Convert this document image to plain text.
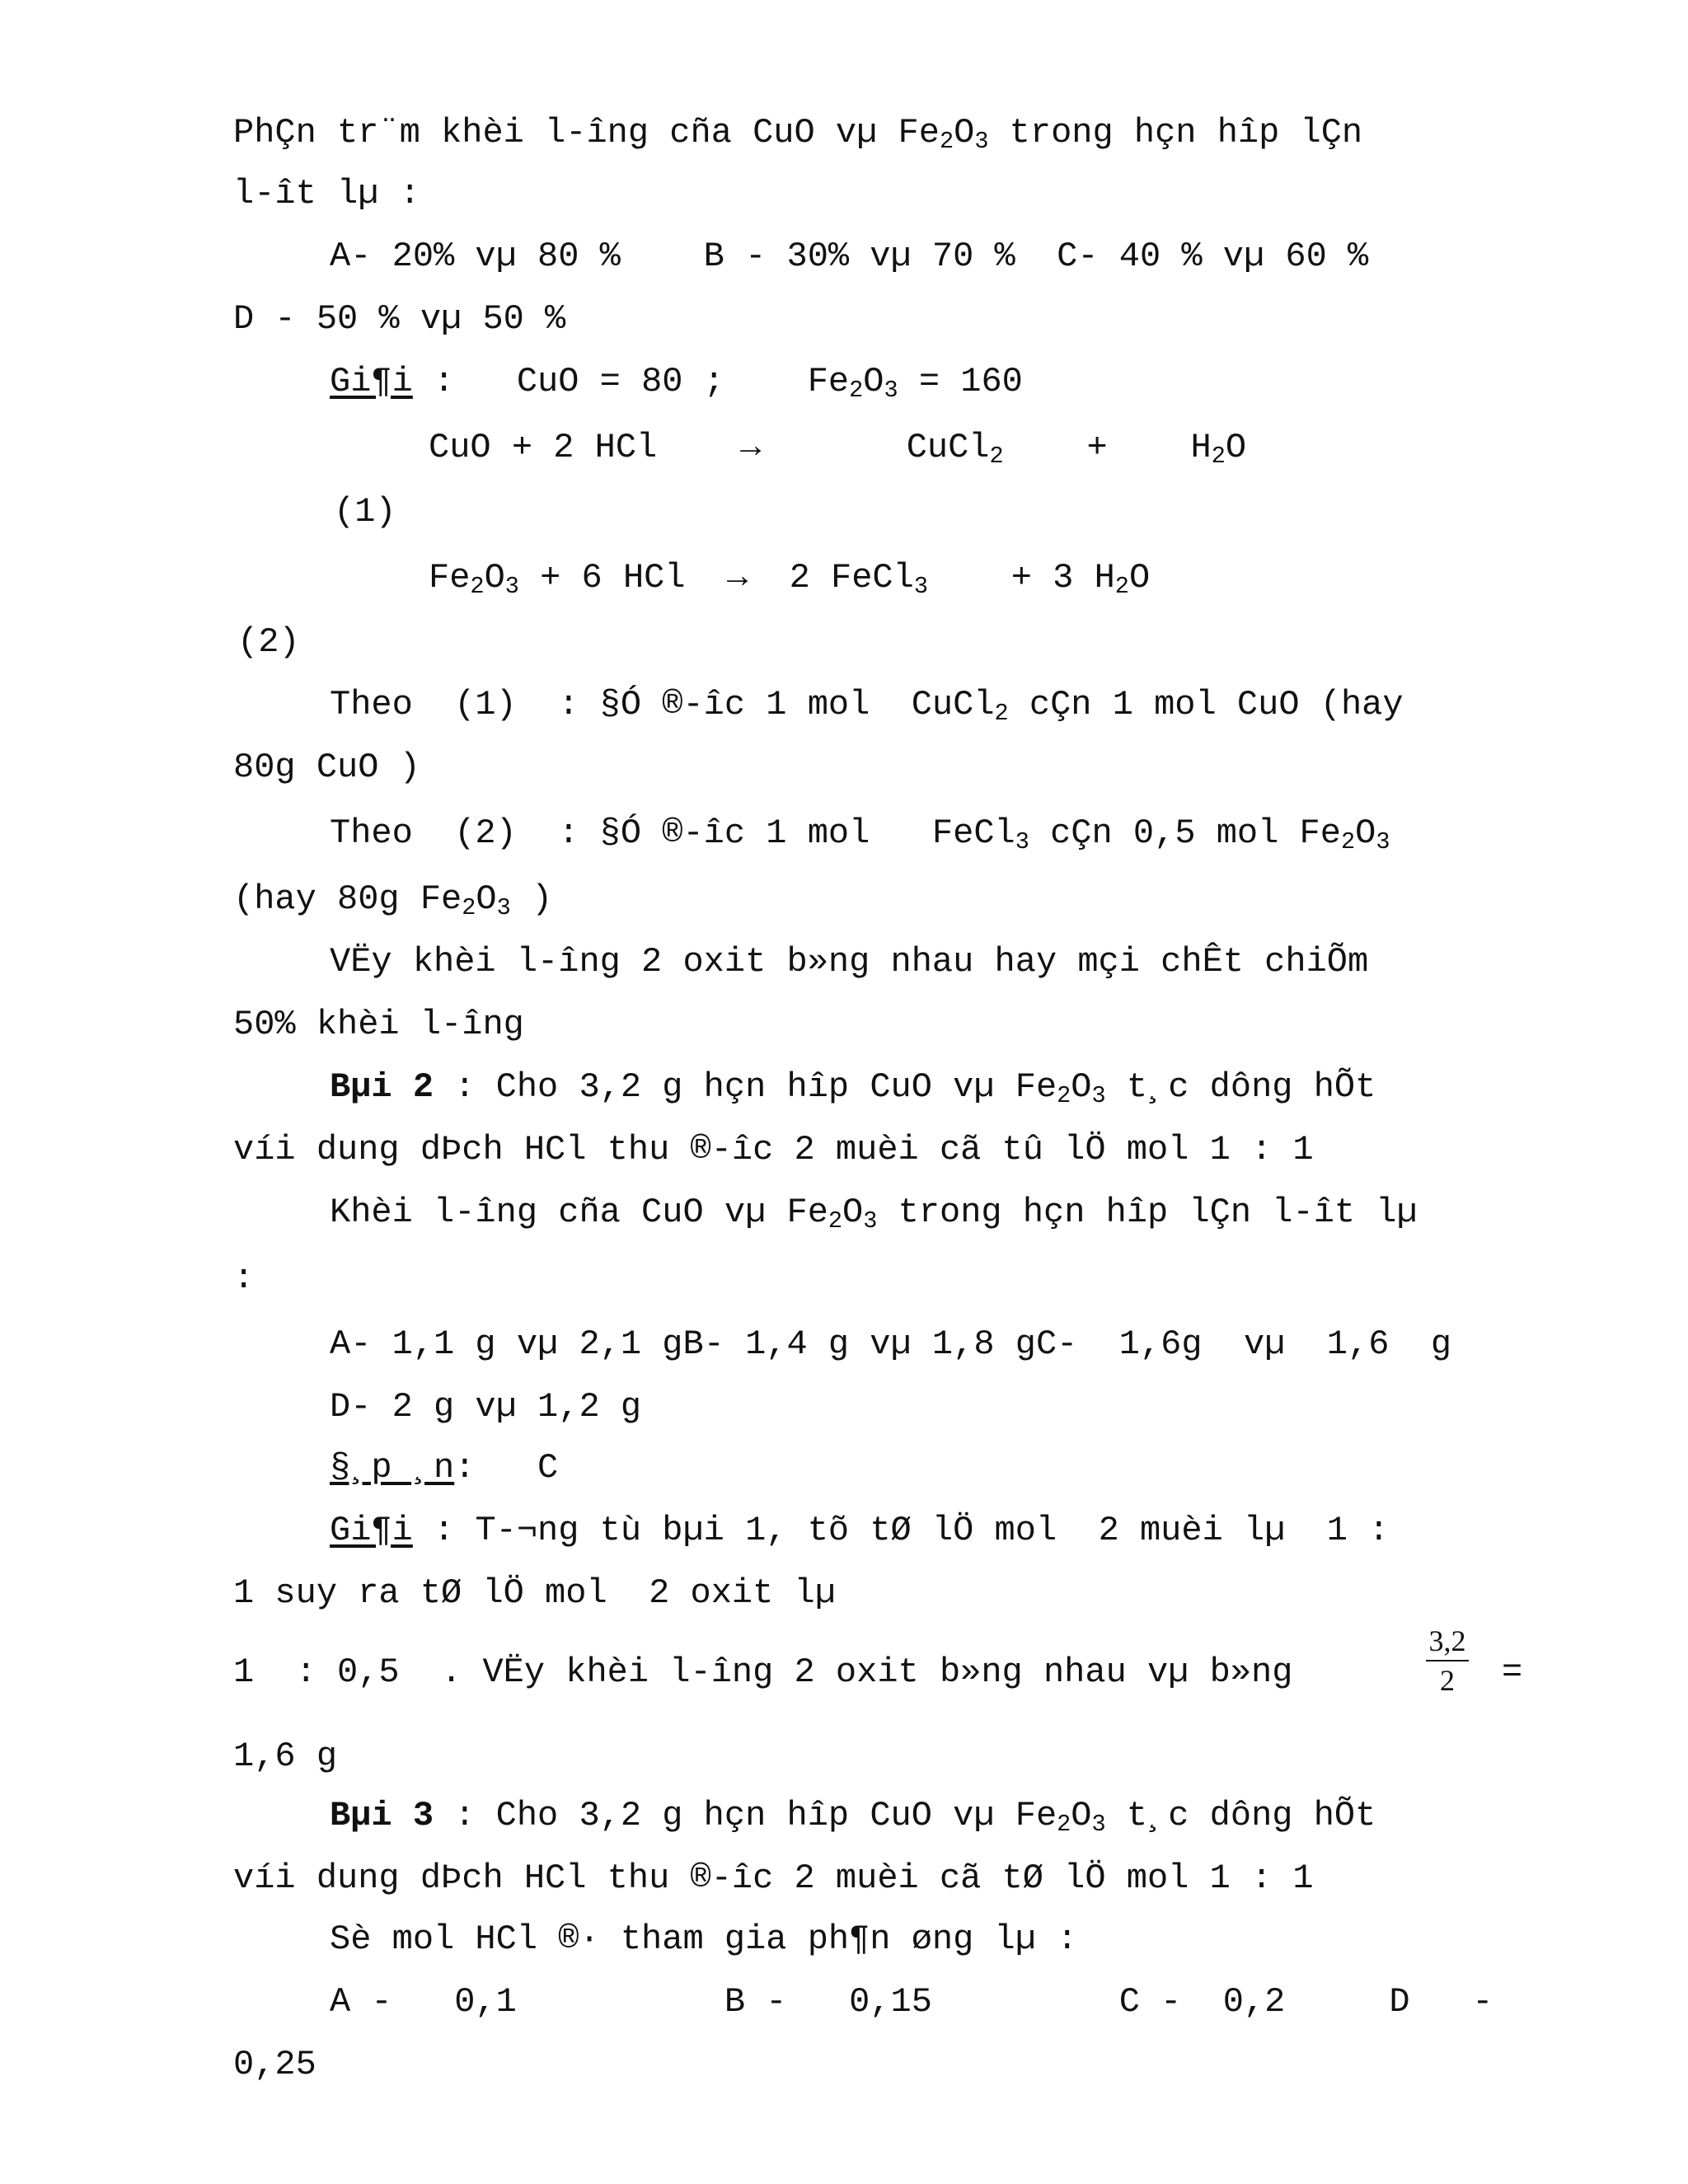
PhÇn tr¨m khèi l-îng cña CuO vµ $Fe_2O_3$ trong hçn hîp lÇn
l-ît lµ :
A- 20% vµ 80 %    B - 30% vµ 70 %  C- 40 % vµ 60 %
D - 50 % vµ 50 %
Gi¶i :   CuO = 80 ;    $Fe_2O_3 = 160$
CuO + 2 HCl    →       CuCl$_2$    +    $H_2O$
(1)
$Fe_2O_3 + 6$ HCl  →  2 FeCl$_3$    + 3 $H_2O$
(2)
Theo  (1)  : §Ó ®-îc 1 mol  CuCl$_2$ cÇn 1 mol CuO (hay
80g CuO )
Theo  (2)  : §Ó ®-îc 1 mol   FeCl$_3$ cÇn 0,5 mol $Fe_2O_3$
(hay 80g $Fe_2O_3$ )
VËy khèi l-îng 2 oxit b»ng nhau hay mçi chÊt chiÕm
50% khèi l-îng
Bµi 2 : Cho 3,2 g hçn hîp CuO vµ $Fe_2O_3$ t¸c dông hÕt
víi dung dÞch HCl thu ®-îc 2 muèi cã tû lÖ mol 1 : 1
Khèi l-îng cña CuO vµ $Fe_2O_3$ trong hçn hîp lÇn l-ît lµ
:
A- 1,1 g vµ 2,1 gB- 1,4 g vµ 1,8 gC-  1,6g  vµ  1,6  g
D- 2 g vµ 1,2 g
§¸p ¸n:   C
Gi¶i : T-¬ng tù bµi 1, tõ tØ lÖ mol  2 muèi lµ  1 :
1 suy ra tØ lÖ mol  2 oxit lµ
1  : 0,5  . VËy khèi l-îng 2 oxit b»ng nhau vµ b»ng
3,2
2	=
1,6 g
Bµi 3 : Cho 3,2 g hçn hîp CuO vµ $Fe_2O_3$ t¸c dông hÕt
víi dung dÞch HCl thu ®-îc 2 muèi cã tØ lÖ mol 1 : 1
Sè mol HCl ®· tham gia ph¶n øng lµ :
A -   0,1          B -   0,15         C -  0,2     D   -
0,25
